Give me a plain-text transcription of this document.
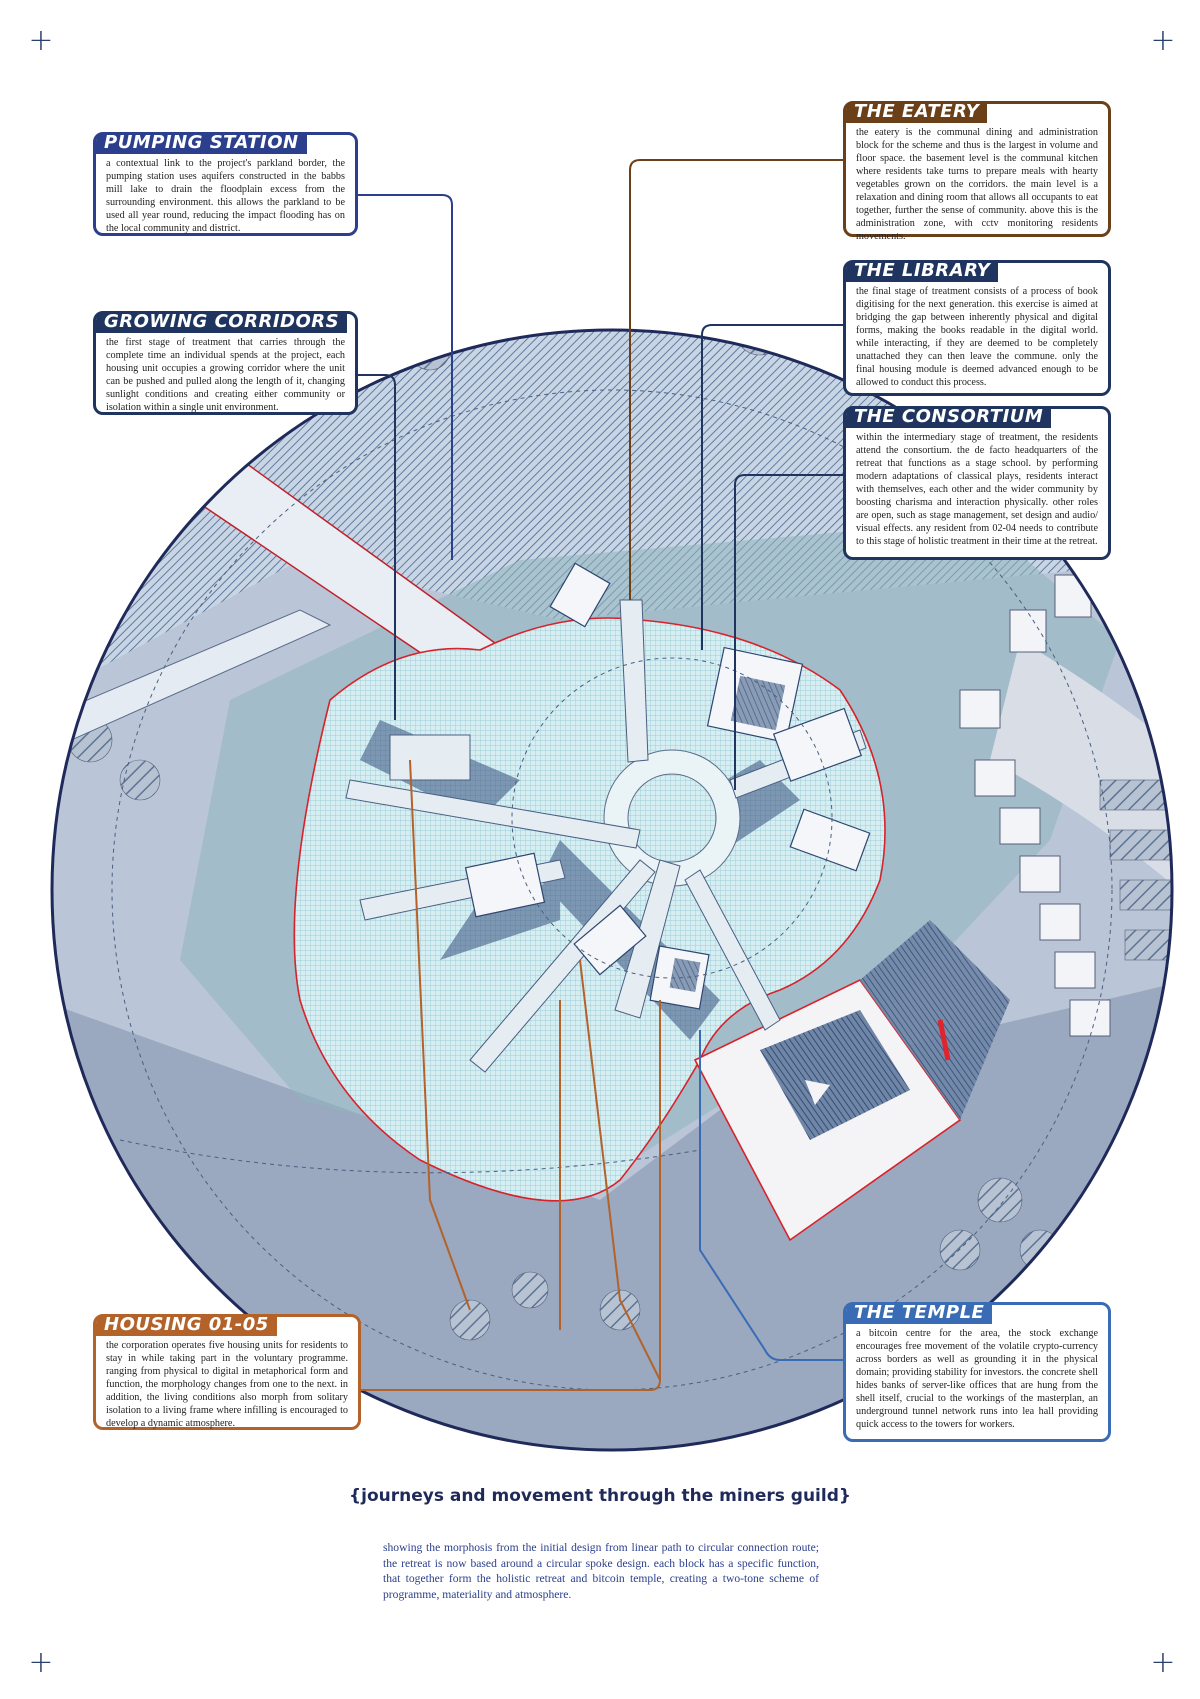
+	+
+	+
PUMPING STATION
a contextual link to the project's parkland border, the pumping station uses aquifers constructed in the babbs mill lake to drain the floodplain excess from the surrounding environment. this allows the parkland to be used all year round, reducing the impact flooding has on the local community and district.
GROWING CORRIDORS
the first stage of treatment that carries through the complete time an individual spends at the project, each housing unit occupies a growing corridor where the unit can be pushed and pulled along the length of it, changing sunlight conditions and creating either community or isolation within a single unit environment.
THE EATERY
the eatery is the communal dining and administration block for the scheme and thus is the largest in volume and floor space. the basement level is the communal kitchen where residents take turns to prepare meals with hearty vegetables grown on the corridors. the main level is a relaxation and dining room that allows all occupants to eat together, further the sense of community. above this is the administration zone, with cctv monitoring residents movements.
THE LIBRARY
the final stage of treatment consists of a process of book digitising for the next generation. this exercise is aimed at bridging the gap between inherently physical and digital forms, making the books readable in the digital world. while interacting, if they are deemed to be completely unattached they can then leave the commune. only the final housing module is deemed advanced enough to be allowed to conduct this process.
THE CONSORTIUM
within the intermediary stage of treatment, the residents attend the consortium. the de facto headquarters of the retreat that functions as a stage school. by performing modern adaptations of classical plays, residents interact with themselves, each other and the wider community by boosting charisma and interaction physically. other roles are open, such as stage management, set design and audio/ visual effects. any resident from 02-04 needs to contribute to this stage of holistic treatment in their time at the retreat.
HOUSING 01-05
the corporation operates five housing units for residents to stay in while taking part in the voluntary programme. ranging from physical to digital in metaphorical form and function, the morphology changes from one to the next. in addition, the living conditions also morph from solitary isolation to a living frame where infilling is encouraged to develop a dynamic atmosphere.
THE TEMPLE
a bitcoin centre for the area, the stock exchange encourages free movement of the volatile crypto-currency across borders as well as grounding it in the physical domain; providing stability for investors. the concrete shell hides banks of server-like offices that are hung from the shell itself, crucial to the workings of the masterplan, an underground tunnel network runs into lea hall providing quick access to the towers for workers.
{journeys and movement through the miners guild}
showing the morphosis from the initial design from linear path to circular connection route; the retreat is now based around a circular spoke design. each block has a specific function, that together form the holistic retreat and bitcoin temple, creating a two-tone scheme of programme, materiality and atmosphere.
